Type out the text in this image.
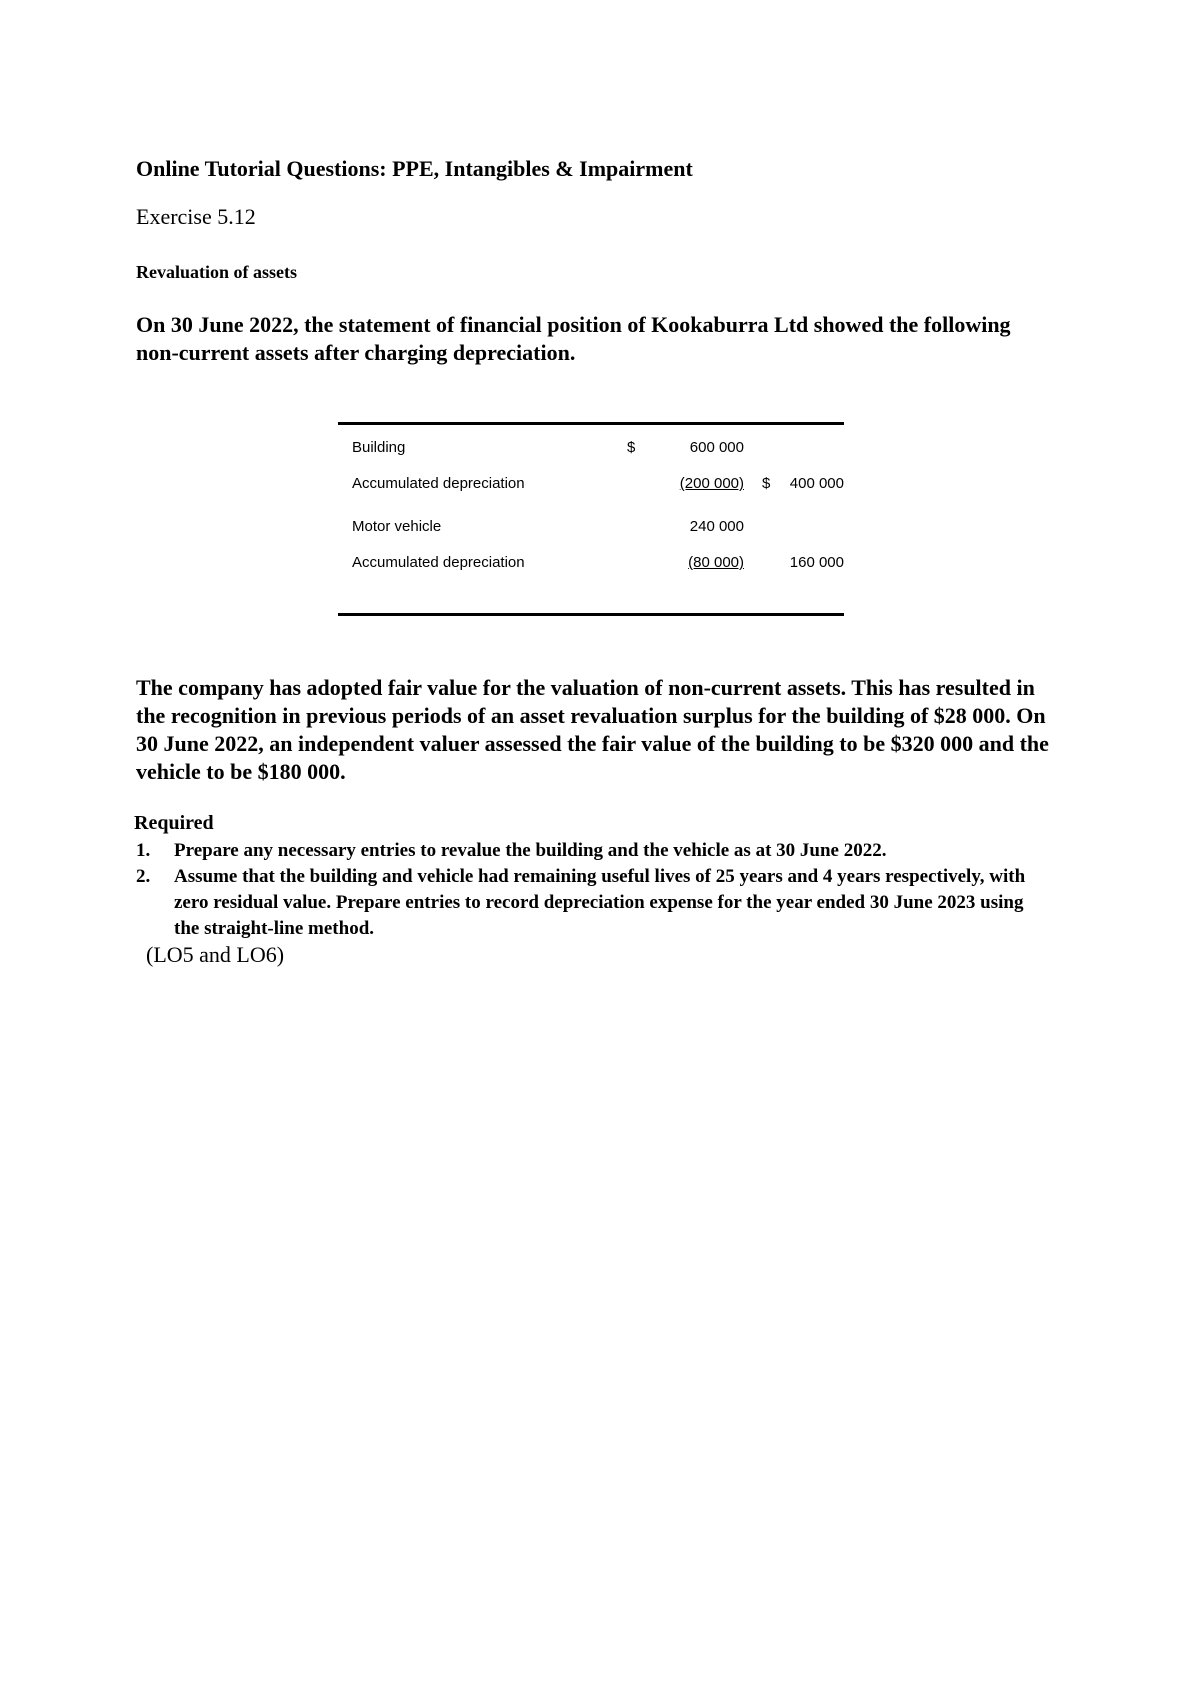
Online Tutorial Questions: PPE, Intangibles & Impairment
Exercise 5.12
Revaluation of assets
On 30 June 2022, the statement of financial position of Kookaburra Ltd showed the following non-current assets after charging depreciation.
Building	$	600 000
Accumulated depreciation	(200 000) $	400 000
Motor vehicle	240 000
Accumulated depreciation	(80 000)	160 000
The company has adopted fair value for the valuation of non-current assets. This has resulted in the recognition in previous periods of an asset revaluation surplus for the building of $28 000. On 30 June 2022, an independent valuer assessed the fair value of the building to be $320 000 and the vehicle to be $180 000.
Required
1. Prepare any necessary entries to revalue the building and the vehicle as at 30 June 2022.
2. Assume that the building and vehicle had remaining useful lives of 25 years and 4 years respectively, with zero residual value. Prepare entries to record depreciation expense for the year ended 30 June 2023 using the straight-line method.
(LO5 and LO6)
